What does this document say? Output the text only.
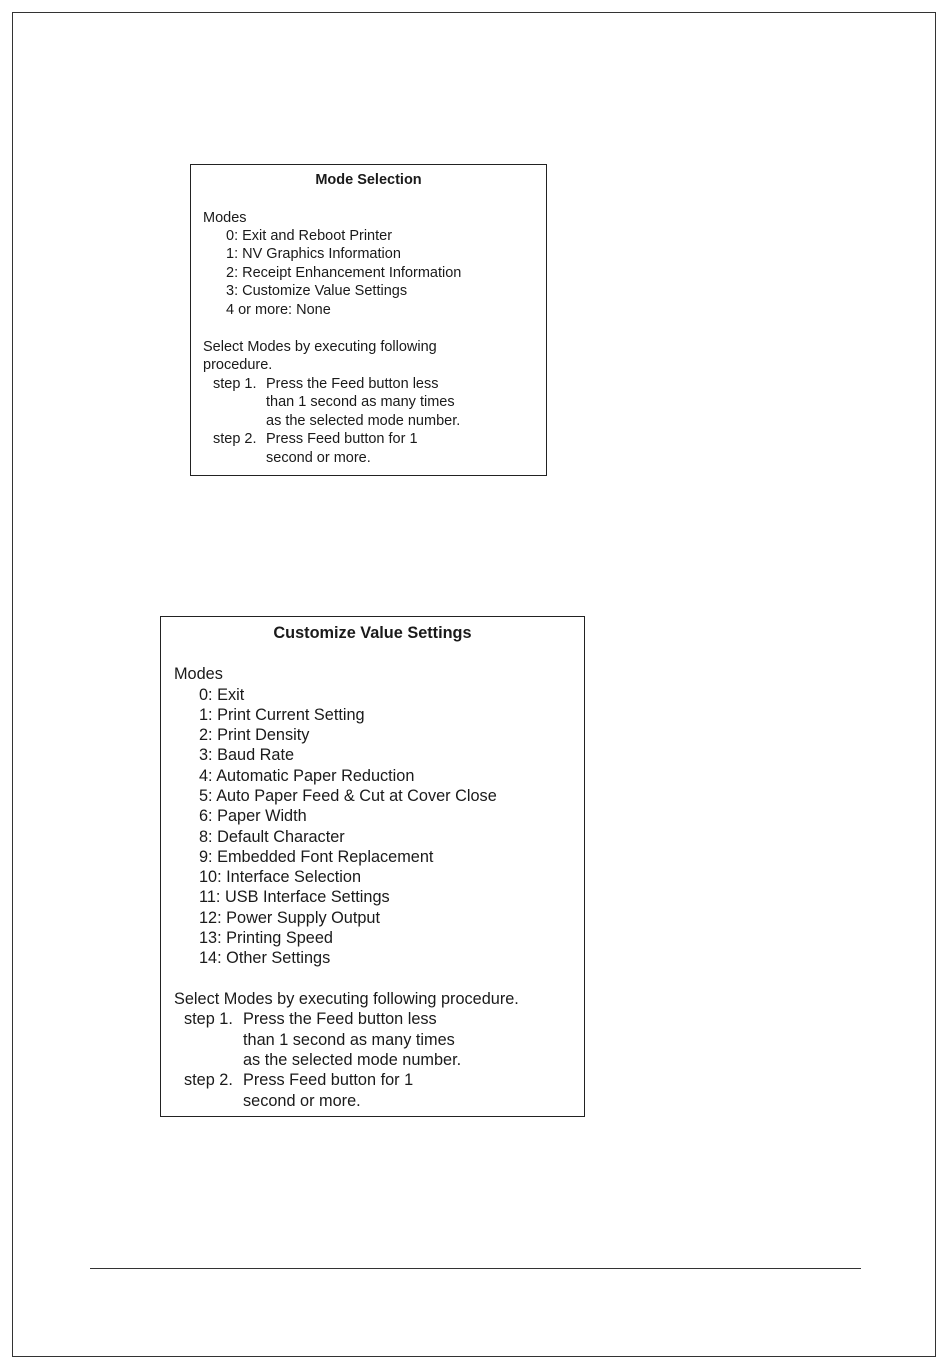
Mode Selection
Modes
0: Exit and Reboot Printer
1: NV Graphics Information
2: Receipt Enhancement Information
3: Customize Value Settings
4 or more: None
Select Modes by executing following
procedure.
step 1. Press the Feed button less
than 1 second as many times
as the selected mode number.
step 2. Press Feed button for 1
second or more.
Customize Value Settings
Modes
0: Exit
1: Print Current Setting
2: Print Density
3: Baud Rate
4: Automatic Paper Reduction
5: Auto Paper Feed & Cut at Cover Close
6: Paper Width
8: Default Character
9: Embedded Font Replacement
10: Interface Selection
11: USB Interface Settings
12: Power Supply Output
13: Printing Speed
14: Other Settings
Select Modes by executing following procedure.
step 1. Press the Feed button less
than 1 second as many times
as the selected mode number.
step 2. Press Feed button for 1
second or more.
